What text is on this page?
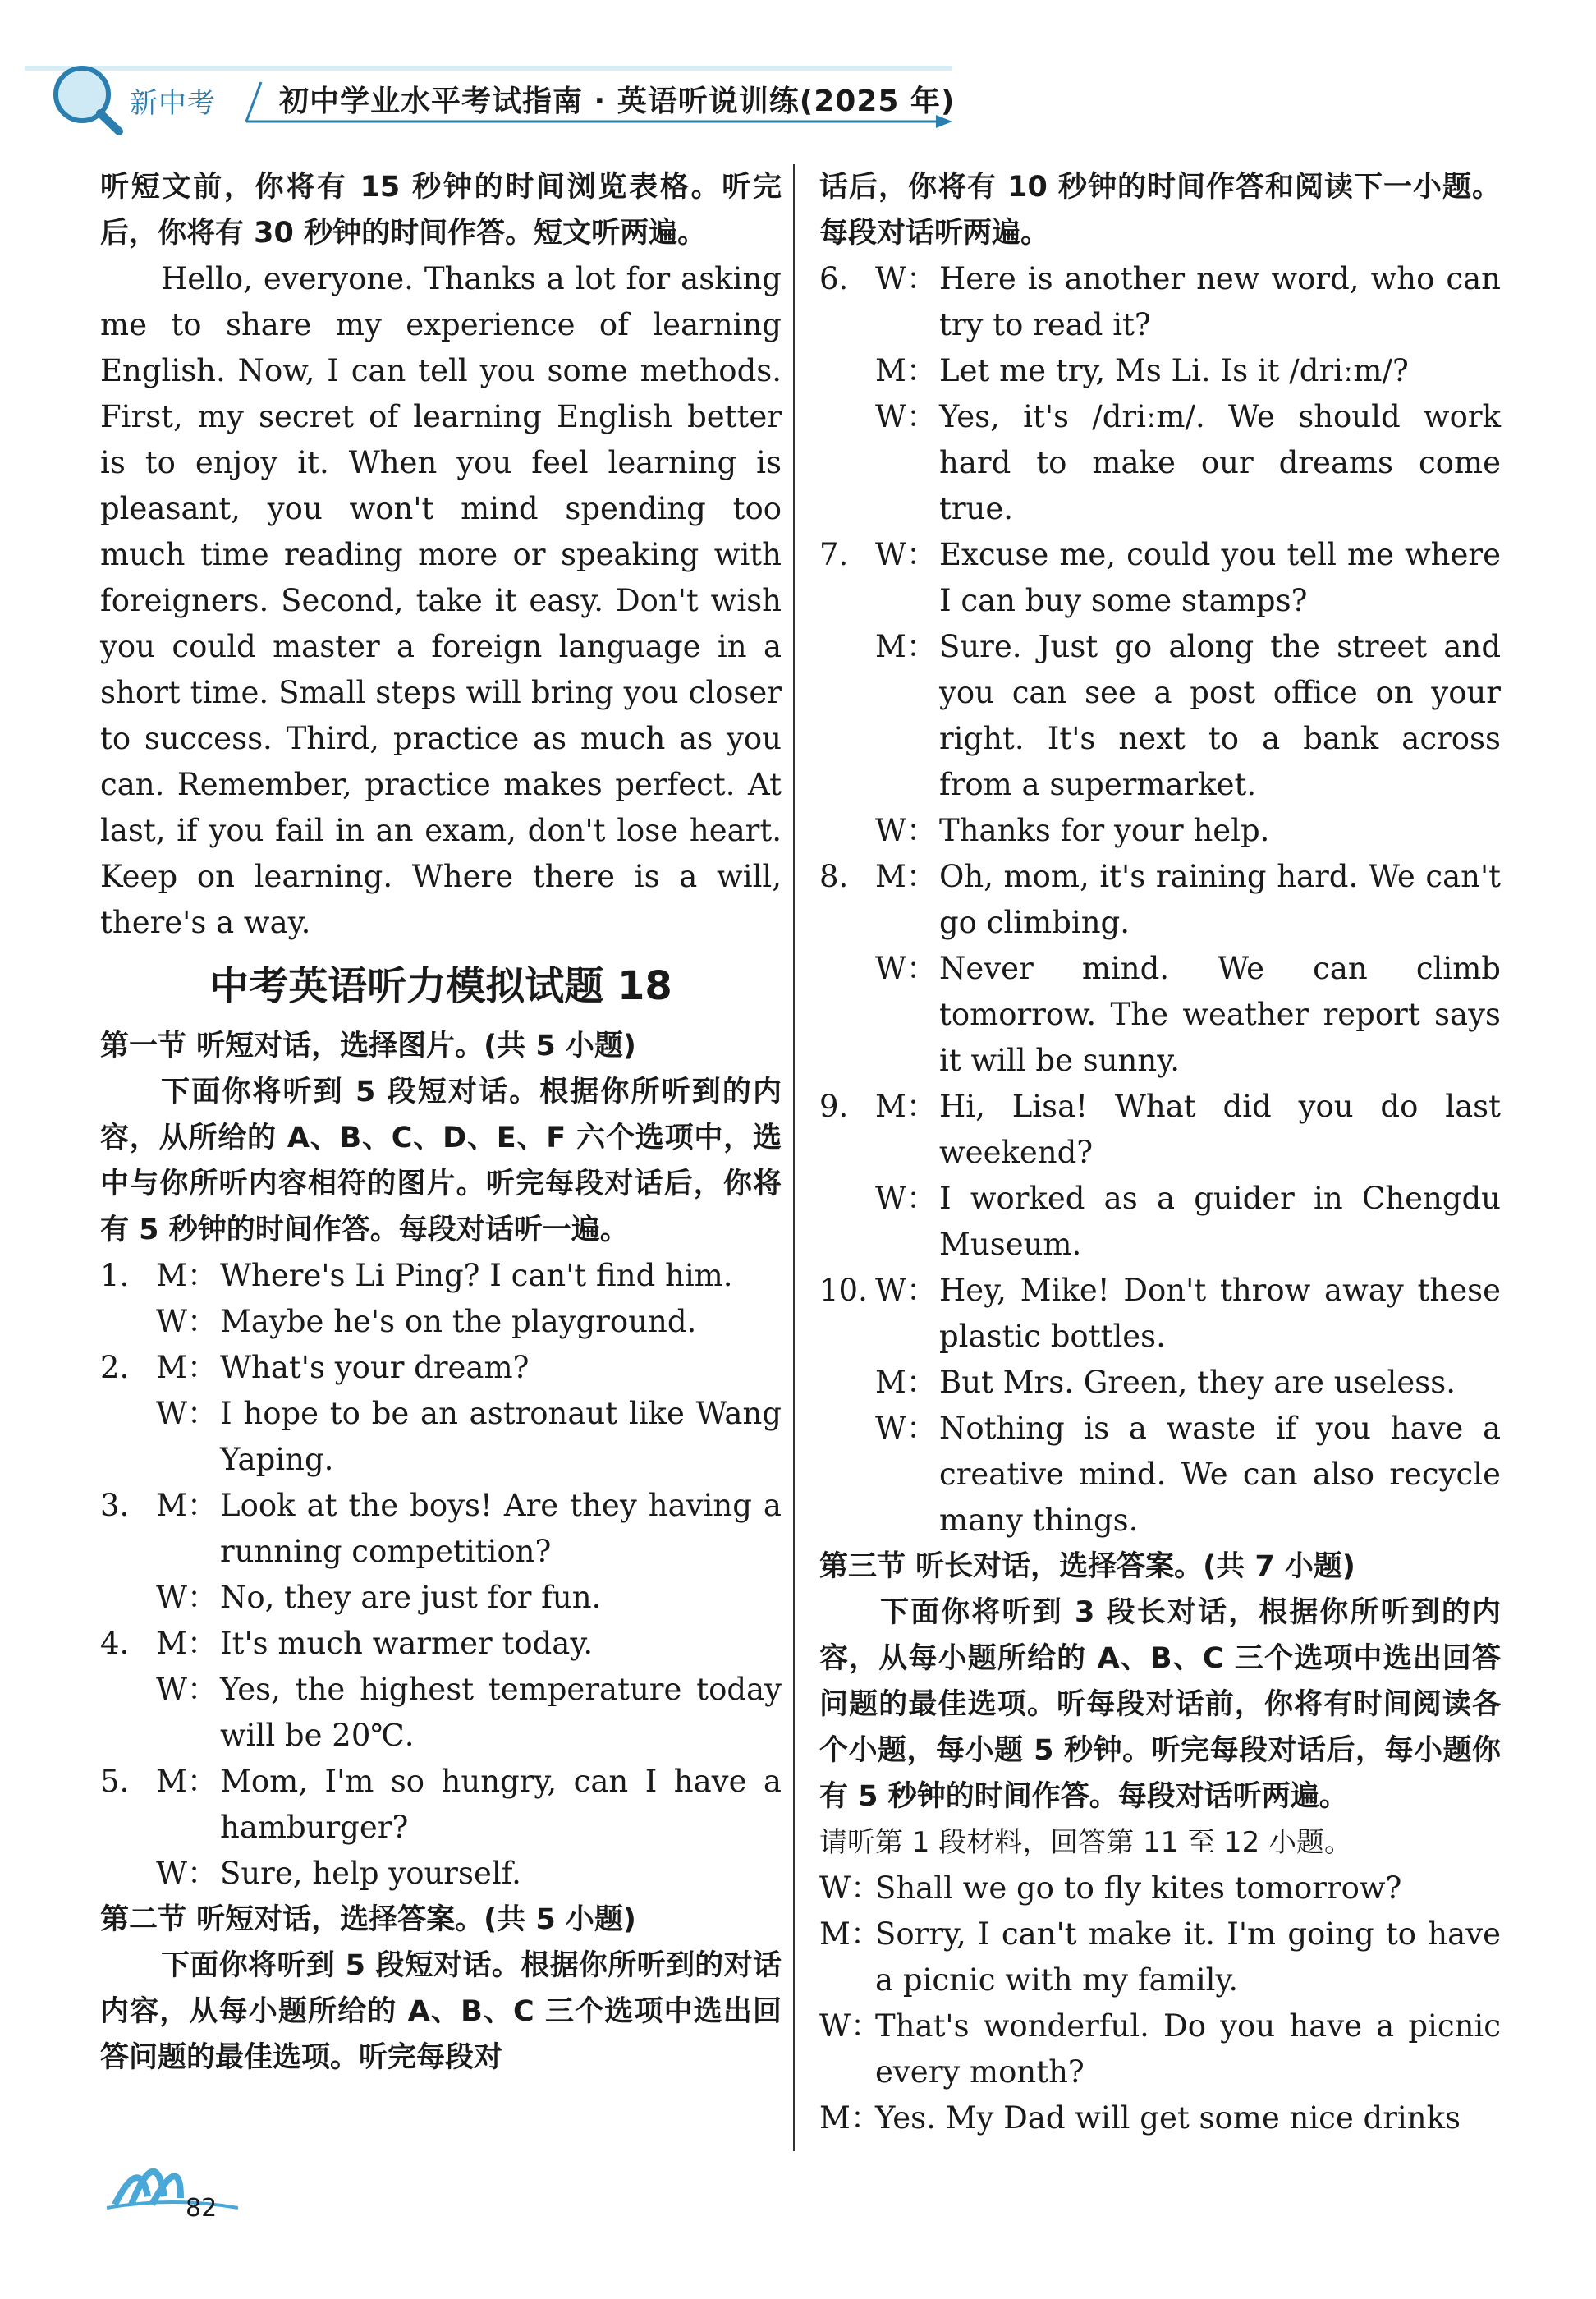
新中考 初中学业水平考试指南 · 英语听说训练(2025 年)

听短文前，你将有 15 秒钟的时间浏览表格。听完后，你将有 30 秒钟的时间作答。短文听两遍。

Hello, everyone. Thanks a lot for asking me to share my experience of learning English. Now, I can tell you some methods. First, my secret of learning English better is to enjoy it. When you feel learning is pleasant, you won't mind spending too much time reading more or speaking with foreigners. Second, take it easy. Don't wish you could master a foreign language in a short time. Small steps will bring you closer to success. Third, practice as much as you can. Remember, practice makes perfect. At last, if you fail in an exam, don't lose heart. Keep on learning. Where there is a will, there's a way.

中考英语听力模拟试题 18

第一节 听短对话，选择图片。(共 5 小题)

下面你将听到 5 段短对话。根据你所听到的内容，从所给的 A、B、C、D、E、F 六个选项中，选中与你所听内容相符的图片。听完每段对话后，你将有 5 秒钟的时间作答。每段对话听一遍。

1. M： Where's Li Ping? I can't find him.
W： Maybe he's on the playground.
2. M： What's your dream?
W： I hope to be an astronaut like Wang Yaping.
3. M： Look at the boys! Are they having a running competition?
W： No, they are just for fun.
4. M： It's much warmer today.
W： Yes, the highest temperature today will be 20℃.
5. M： Mom, I'm so hungry, can I have a hamburger?
W： Sure, help yourself.

第二节 听短对话，选择答案。(共 5 小题)

下面你将听到 5 段短对话。根据你所听到的对话内容，从每小题所给的 A、B、C 三个选项中选出回答问题的最佳选项。听完每段对

话后，你将有 10 秒钟的时间作答和阅读下一小题。每段对话听两遍。

6. W： Here is another new word, who can try to read it?
M： Let me try, Ms Li. Is it /driːm/?
W： Yes, it's /driːm/. We should work hard to make our dreams come true.
7. W： Excuse me, could you tell me where I can buy some stamps?
M： Sure. Just go along the street and you can see a post office on your right. It's next to a bank across from a supermarket.
W： Thanks for your help.
8. M： Oh, mom, it's raining hard. We can't go climbing.
W： Never mind. We can climb tomorrow. The weather report says it will be sunny.
9. M： Hi, Lisa! What did you do last weekend?
W： I worked as a guider in Chengdu Museum.
10. W： Hey, Mike! Don't throw away these plastic bottles.
M： But Mrs. Green, they are useless.
W： Nothing is a waste if you have a creative mind. We can also recycle many things.

第三节 听长对话，选择答案。(共 7 小题)

下面你将听到 3 段长对话，根据你所听到的内容，从每小题所给的 A、B、C 三个选项中选出回答问题的最佳选项。听每段对话前，你将有时间阅读各个小题，每小题 5 秒钟。听完每段对话后，每小题你有 5 秒钟的时间作答。每段对话听两遍。

请听第 1 段材料，回答第 11 至 12 小题。

W：
Shall we go to fly kites tomorrow?
M：
Sorry, I can't make it. I'm going to have a picnic with my family.
W：
That's wonderful. Do you have a picnic every month?
M：
Yes. My Dad will get some nice drinks
82
